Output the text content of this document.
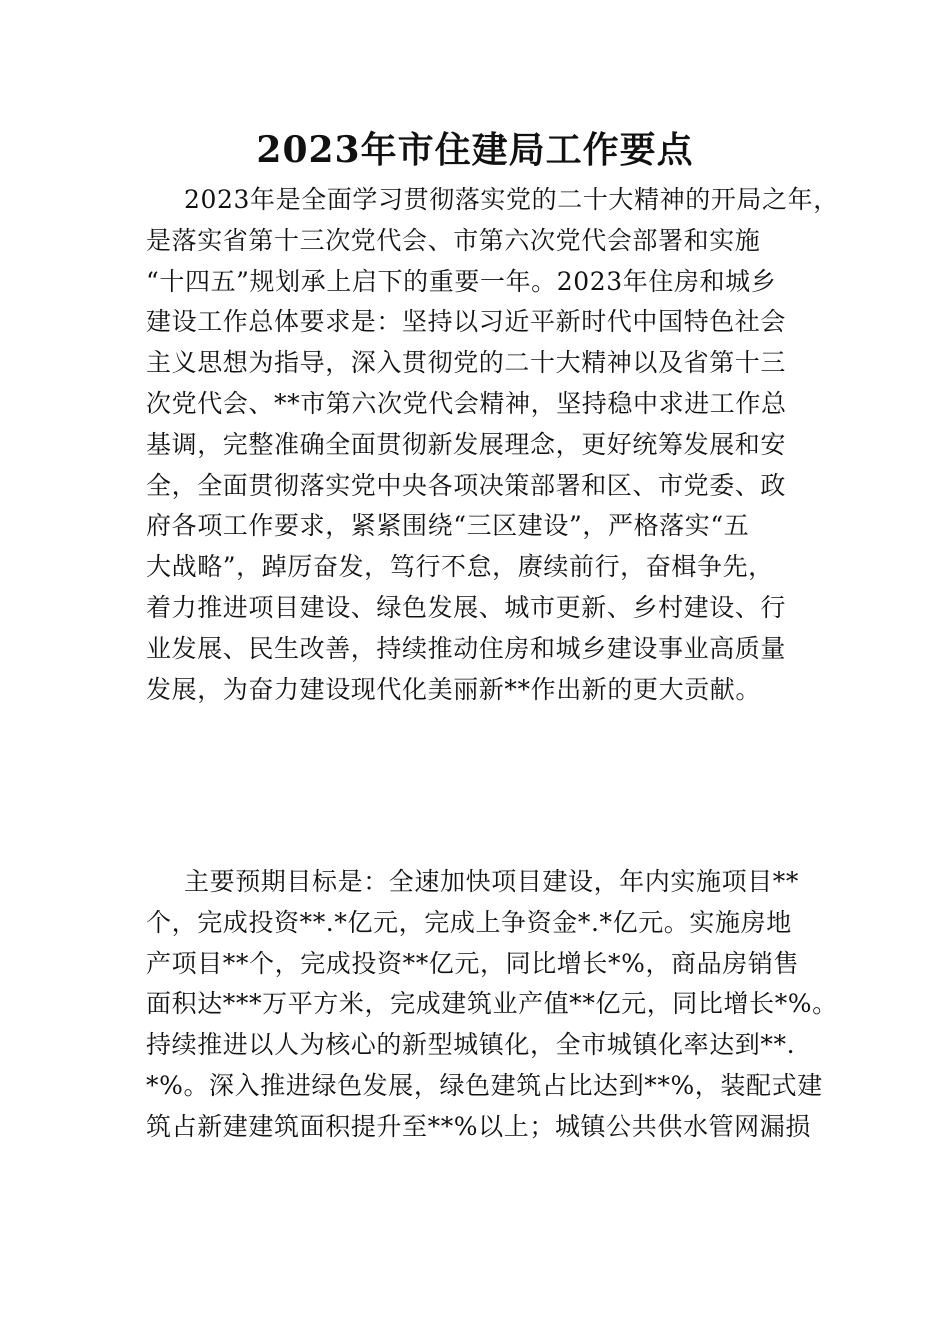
2023年市住建局工作要点

2023年是全面学习贯彻落实党的二十大精神的开局之年，
是落实省第十三次党代会、市第六次党代会部署和实施
“十四五”规划承上启下的重要一年。2023年住房和城乡
建设工作总体要求是：坚持以习近平新时代中国特色社会
主义思想为指导，深入贯彻党的二十大精神以及省第十三
次党代会、**市第六次党代会精神，坚持稳中求进工作总
基调，完整准确全面贯彻新发展理念，更好统筹发展和安
全，全面贯彻落实党中央各项决策部署和区、市党委、政
府各项工作要求，紧紧围绕“三区建设”，严格落实“五
大战略”，踔厉奋发，笃行不怠，赓续前行，奋楫争先，
着力推进项目建设、绿色发展、城市更新、乡村建设、行
业发展、民生改善，持续推动住房和城乡建设事业高质量
发展，为奋力建设现代化美丽新**作出新的更大贡献。

主要预期目标是：全速加快项目建设，年内实施项目**
个，完成投资**.*亿元，完成上争资金*.*亿元。实施房地
产项目**个，完成投资**亿元，同比增长*%，商品房销售
面积达***万平方米，完成建筑业产值**亿元，同比增长*%。
持续推进以人为核心的新型城镇化，全市城镇化率达到**.
*%。深入推进绿色发展，绿色建筑占比达到**%，装配式建
筑占新建建筑面积提升至**%以上；城镇公共供水管网漏损
